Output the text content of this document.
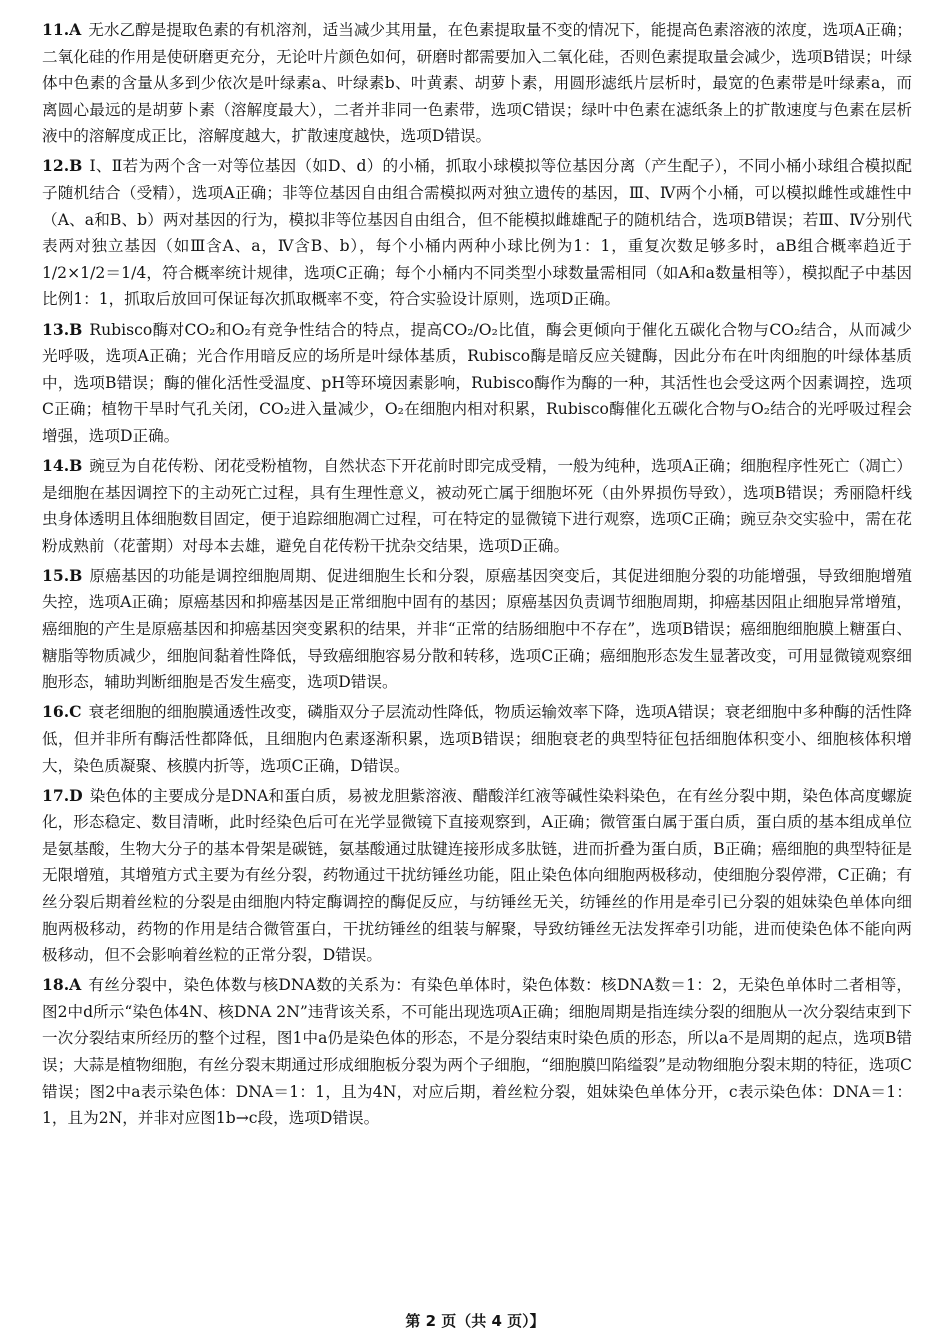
11.A 无水乙醇是提取色素的有机溶剂，适当减少其用量，在色素提取量不变的情况下，能提高色素溶液的浓度，选项A正确；二氧化硅的作用是使研磨更充分，无论叶片颜色如何，研磨时都需要加入二氧化硅，否则色素提取量会减少，选项B错误；叶绿体中色素的含量从多到少依次是叶绿素a、叶绿素b、叶黄素、胡萝卜素，用圆形滤纸片层析时，最宽的色素带是叶绿素a，而离圆心最远的是胡萝卜素（溶解度最大），二者并非同一色素带，选项C错误；绿叶中色素在滤纸条上的扩散速度与色素在层析液中的溶解度成正比，溶解度越大，扩散速度越快，选项D错误。
12.B Ⅰ、Ⅱ若为两个含一对等位基因（如D、d）的小桶，抓取小球模拟等位基因分离（产生配子），不同小桶小球组合模拟配子随机结合（受精），选项A正确；非等位基因自由组合需模拟两对独立遗传的基因，Ⅲ、Ⅳ两个小桶，可以模拟雌性或雄性中（A、a和B、b）两对基因的行为，模拟非等位基因自由组合，但不能模拟雌雄配子的随机结合，选项B错误；若Ⅲ、Ⅳ分别代表两对独立基因（如Ⅲ含A、a，Ⅳ含B、b），每个小桶内两种小球比例为1：1，重复次数足够多时，aB组合概率趋近于1/2×1/2＝1/4，符合概率统计规律，选项C正确；每个小桶内不同类型小球数量需相同（如A和a数量相等），模拟配子中基因比例1：1，抓取后放回可保证每次抓取概率不变，符合实验设计原则，选项D正确。
13.B Rubisco酶对CO₂和O₂有竞争性结合的特点，提高CO₂/O₂比值，酶会更倾向于催化五碳化合物与CO₂结合，从而减少光呼吸，选项A正确；光合作用暗反应的场所是叶绿体基质，Rubisco酶是暗反应关键酶，因此分布在叶肉细胞的叶绿体基质中，选项B错误；酶的催化活性受温度、pH等环境因素影响，Rubisco酶作为酶的一种，其活性也会受这两个因素调控，选项C正确；植物干旱时气孔关闭，CO₂进入量减少，O₂在细胞内相对积累，Rubisco酶催化五碳化合物与O₂结合的光呼吸过程会增强，选项D正确。
14.B 豌豆为自花传粉、闭花受粉植物，自然状态下开花前时即完成受精，一般为纯种，选项A正确；细胞程序性死亡（凋亡）是细胞在基因调控下的主动死亡过程，具有生理性意义，被动死亡属于细胞坏死（由外界损伤导致），选项B错误；秀丽隐杆线虫身体透明且体细胞数目固定，便于追踪细胞凋亡过程，可在特定的显微镜下进行观察，选项C正确；豌豆杂交实验中，需在花粉成熟前（花蕾期）对母本去雄，避免自花传粉干扰杂交结果，选项D正确。
15.B 原癌基因的功能是调控细胞周期、促进细胞生长和分裂，原癌基因突变后，其促进细胞分裂的功能增强，导致细胞增殖失控，选项A正确；原癌基因和抑癌基因是正常细胞中固有的基因；原癌基因负责调节细胞周期，抑癌基因阻止细胞异常增殖，癌细胞的产生是原癌基因和抑癌基因突变累积的结果，并非“正常的结肠细胞中不存在”，选项B错误；癌细胞细胞膜上糖蛋白、糖脂等物质减少，细胞间黏着性降低，导致癌细胞容易分散和转移，选项C正确；癌细胞形态发生显著改变，可用显微镜观察细胞形态，辅助判断细胞是否发生癌变，选项D错误。
16.C 衰老细胞的细胞膜通透性改变，磷脂双分子层流动性降低，物质运输效率下降，选项A错误；衰老细胞中多种酶的活性降低，但并非所有酶活性都降低，且细胞内色素逐渐积累，选项B错误；细胞衰老的典型特征包括细胞体积变小、细胞核体积增大，染色质凝聚、核膜内折等，选项C正确，D错误。
17.D 染色体的主要成分是DNA和蛋白质，易被龙胆紫溶液、醋酸洋红液等碱性染料染色，在有丝分裂中期，染色体高度螺旋化，形态稳定、数目清晰，此时经染色后可在光学显微镜下直接观察到，A正确；微管蛋白属于蛋白质，蛋白质的基本组成单位是氨基酸，生物大分子的基本骨架是碳链，氨基酸通过肽键连接形成多肽链，进而折叠为蛋白质，B正确；癌细胞的典型特征是无限增殖，其增殖方式主要为有丝分裂，药物通过干扰纺锤丝功能，阻止染色体向细胞两极移动，使细胞分裂停滞，C正确；有丝分裂后期着丝粒的分裂是由细胞内特定酶调控的酶促反应，与纺锤丝无关，纺锤丝的作用是牵引已分裂的姐妹染色单体向细胞两极移动，药物的作用是结合微管蛋白，干扰纺锤丝的组装与解聚，导致纺锤丝无法发挥牵引功能，进而使染色体不能向两极移动，但不会影响着丝粒的正常分裂，D错误。
18.A 有丝分裂中，染色体数与核DNA数的关系为：有染色单体时，染色体数：核DNA数＝1：2，无染色单体时二者相等，图2中d所示“染色体4N、核DNA 2N”违背该关系，不可能出现选项A正确；细胞周期是指连续分裂的细胞从一次分裂结束到下一次分裂结束所经历的整个过程，图1中a仍是染色体的形态，不是分裂结束时染色质的形态，所以a不是周期的起点，选项B错误；大蒜是植物细胞，有丝分裂末期通过形成细胞板分裂为两个子细胞，“细胞膜凹陷缢裂”是动物细胞分裂末期的特征，选项C错误；图2中a表示染色体：DNA＝1：1，且为4N，对应后期，着丝粒分裂，姐妹染色单体分开，c表示染色体：DNA＝1：1，且为2N，并非对应图1b→c段，选项D错误。
第 2 页（共 4 页）】
